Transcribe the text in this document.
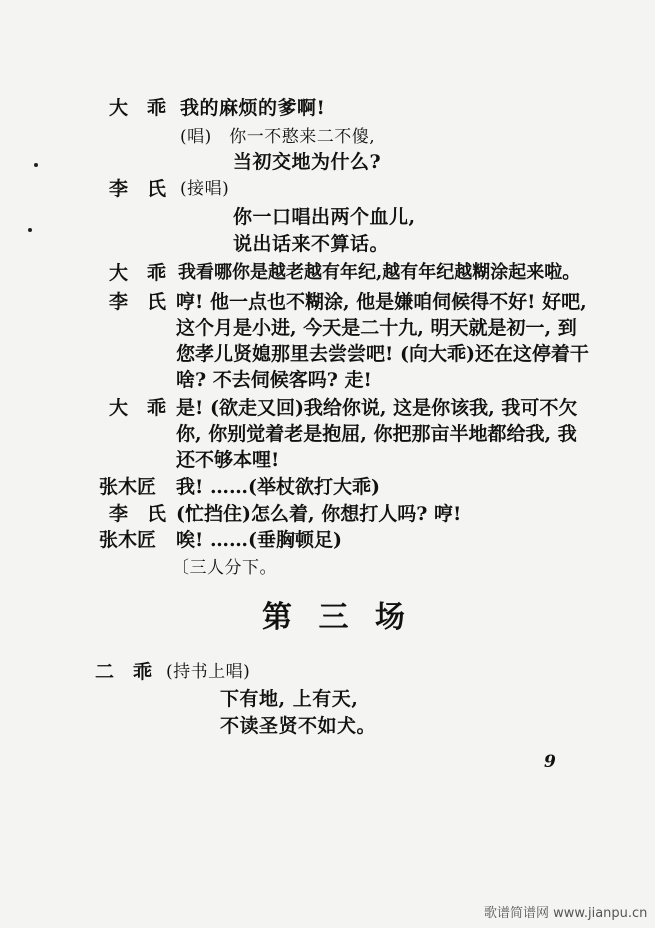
大　乖 我的麻烦的爹啊!
(唱)　你一不憨来二不傻,
当初交地为什么?
李　氏 (接唱)
你一口唱出两个血儿,
说出话来不算话。
大　乖 我看哪你是越老越有年纪,越有年纪越糊涂起来啦。
李　氏 哼! 他一点也不糊涂, 他是嫌咱伺候得不好! 好吧,
这个月是小进, 今天是二十九, 明天就是初一, 到
您孝儿贤媳那里去尝尝吧! (向大乖)还在这停着干
啥? 不去伺候客吗? 走!
大　乖 是! (欲走又回)我给你说, 这是你该我, 我可不欠
你, 你别觉着老是抱屈, 你把那亩半地都给我, 我
还不够本哩!
张木匠 我! ……(举杖欲打大乖)
李　氏 (忙挡住)怎么着, 你想打人吗? 哼!
张木匠 唉! ……(垂胸顿足)
〔三人分下。
第 三 场
二　乖 (持书上唱)
下有地, 上有天,
不读圣贤不如犬。
9
歌谱简谱网 www.jianpu.cn
